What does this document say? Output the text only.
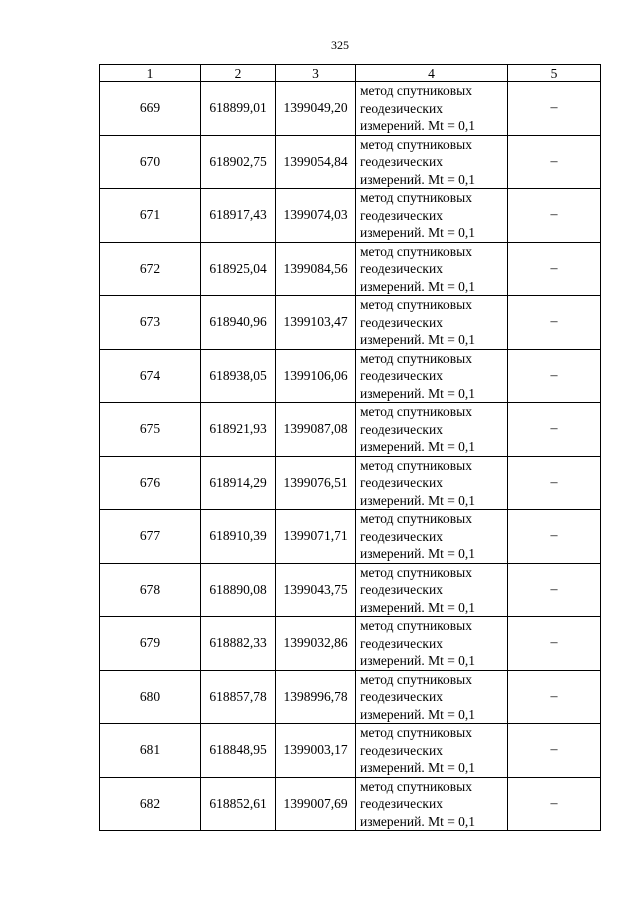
325
1	2	3	4	5
669	618899,01	1399049,20	метод спутниковых
геодезических
измерений. Mt = 0,1	–
670	618902,75	1399054,84	метод спутниковых
геодезических
измерений. Mt = 0,1	–
671	618917,43	1399074,03	метод спутниковых
геодезических
измерений. Mt = 0,1	–
672	618925,04	1399084,56	метод спутниковых
геодезических
измерений. Mt = 0,1	–
673	618940,96	1399103,47	метод спутниковых
геодезических
измерений. Mt = 0,1	–
674	618938,05	1399106,06	метод спутниковых
геодезических
измерений. Mt = 0,1	–
675	618921,93	1399087,08	метод спутниковых
геодезических
измерений. Mt = 0,1	–
676	618914,29	1399076,51	метод спутниковых
геодезических
измерений. Mt = 0,1	–
677	618910,39	1399071,71	метод спутниковых
геодезических
измерений. Mt = 0,1	–
678	618890,08	1399043,75	метод спутниковых
геодезических
измерений. Mt = 0,1	–
679	618882,33	1399032,86	метод спутниковых
геодезических
измерений. Mt = 0,1	–
680	618857,78	1398996,78	метод спутниковых
геодезических
измерений. Mt = 0,1	–
681	618848,95	1399003,17	метод спутниковых
геодезических
измерений. Mt = 0,1	–
682	618852,61	1399007,69	метод спутниковых
геодезических
измерений. Mt = 0,1	–
